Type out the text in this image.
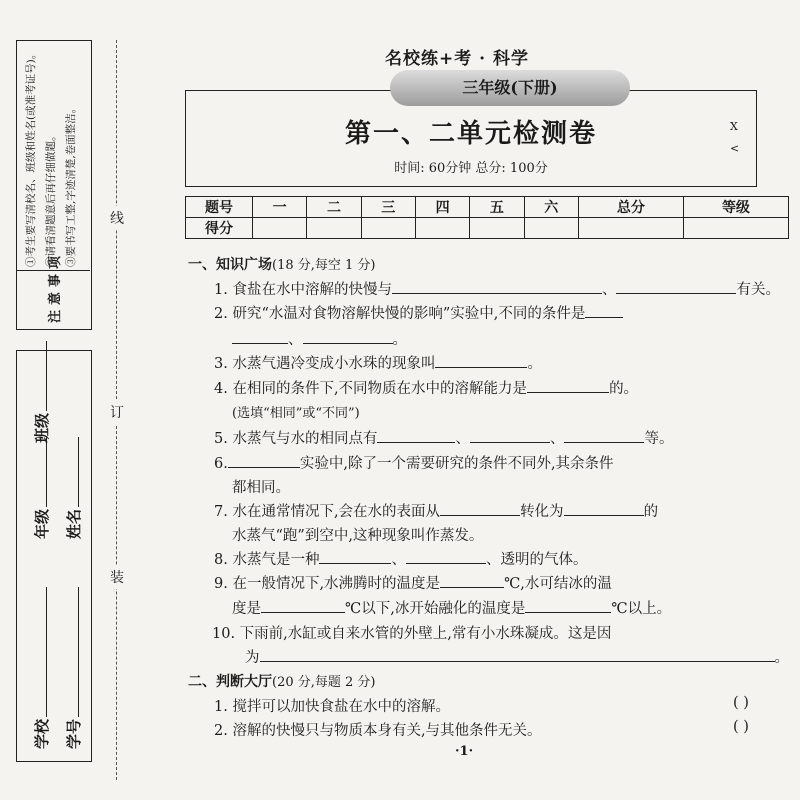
①考生要写清校名、班级和姓名(或准考证号)。 ②请看清题意后再仔细做题。 ③要书写工整,字迹清楚,卷面整洁。
注意事项
年级
班级
姓名
学校 学号
线
订
装
名校练+考 · 科学
第一、二单元检测卷
时间: 60分钟 总分: 100分
三年级(下册)
X
<
题号	一	二	三	四	五	六	总分	等级
得分								
一、知识广场(18 分,每空 1 分)
1. 食盐在水中溶解的快慢与	、	有关。
2. 研究“水温对食物溶解快慢的影响”实验中,不同的条件是
、	。
3. 水蒸气遇冷变成小水珠的现象叫	。
4. 在相同的条件下,不同物质在水中的溶解能力是	的。
(选填“相同”或“不同”)
5. 水蒸气与水的相同点有	、	、	等。
6.	实验中,除了一个需要研究的条件不同外,其余条件
都相同。
7. 水在通常情况下,会在水的表面从	转化为	的
水蒸气“跑”到空中,这种现象叫作蒸发。
8. 水蒸气是一种	、	、透明的气体。
9. 在一般情况下,水沸腾时的温度是	℃,水可结冰的温
度是	℃以下,冰开始融化的温度是	℃以上。
10. 下雨前,水缸或自来水管的外壁上,常有小水珠凝成。这是因
为	。
二、判断大厅(20 分,每题 2 分)
1. 搅拌可以加快食盐在水中的溶解。	( )
2. 溶解的快慢只与物质本身有关,与其他条件无关。	( )
·1·
